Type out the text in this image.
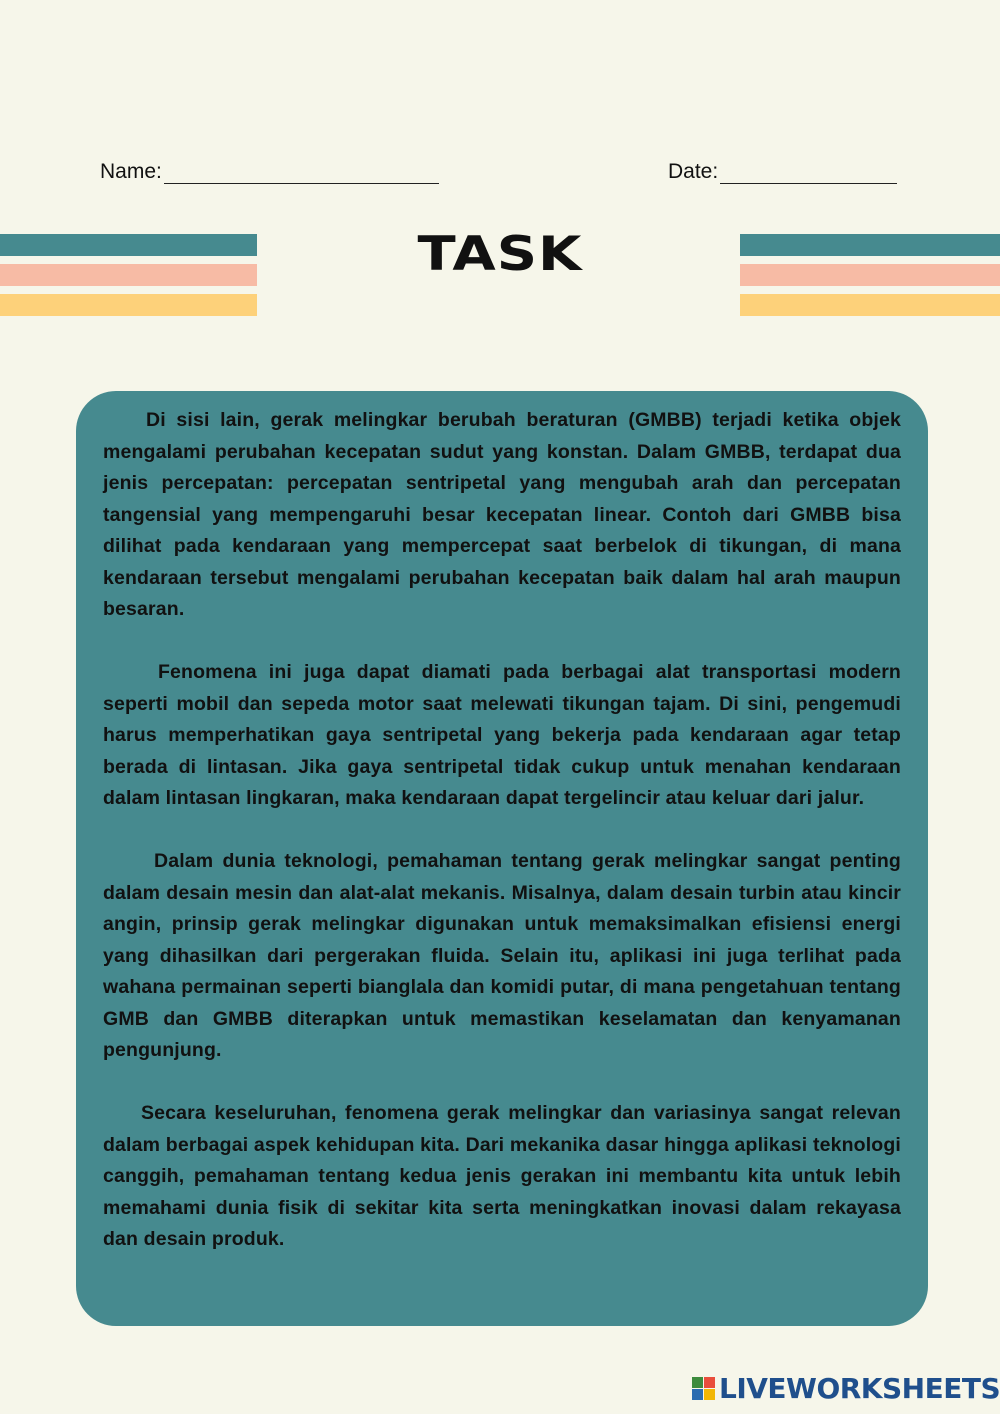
Name:	Date:
TASK

Di sisi lain, gerak melingkar berubah beraturan (GMBB) terjadi ketika objek mengalami perubahan kecepatan sudut yang konstan. Dalam GMBB, terdapat dua jenis percepatan: percepatan sentripetal yang mengubah arah dan percepatan tangensial yang mempengaruhi besar kecepatan linear. Contoh dari GMBB bisa dilihat pada kendaraan yang mempercepat saat berbelok di tikungan, di mana kendaraan tersebut mengalami perubahan kecepatan baik dalam hal arah maupun besaran.

Fenomena ini juga dapat diamati pada berbagai alat transportasi modern seperti mobil dan sepeda motor saat melewati tikungan tajam. Di sini, pengemudi harus memperhatikan gaya sentripetal yang bekerja pada kendaraan agar tetap berada di lintasan. Jika gaya sentripetal tidak cukup untuk menahan kendaraan dalam lintasan lingkaran, maka kendaraan dapat tergelincir atau keluar dari jalur.

Dalam dunia teknologi, pemahaman tentang gerak melingkar sangat penting dalam desain mesin dan alat-alat mekanis. Misalnya, dalam desain turbin atau kincir angin, prinsip gerak melingkar digunakan untuk memaksimalkan efisiensi energi yang dihasilkan dari pergerakan fluida. Selain itu, aplikasi ini juga terlihat pada wahana permainan seperti bianglala dan komidi putar, di mana pengetahuan tentang GMB dan GMBB diterapkan untuk memastikan keselamatan dan kenyamanan pengunjung.

Secara keseluruhan, fenomena gerak melingkar dan variasinya sangat relevan dalam berbagai aspek kehidupan kita. Dari mekanika dasar hingga aplikasi teknologi canggih, pemahaman tentang kedua jenis gerakan ini membantu kita untuk lebih memahami dunia fisik di sekitar kita serta meningkatkan inovasi dalam rekayasa dan desain produk.

LIVEWORKSHEETS
